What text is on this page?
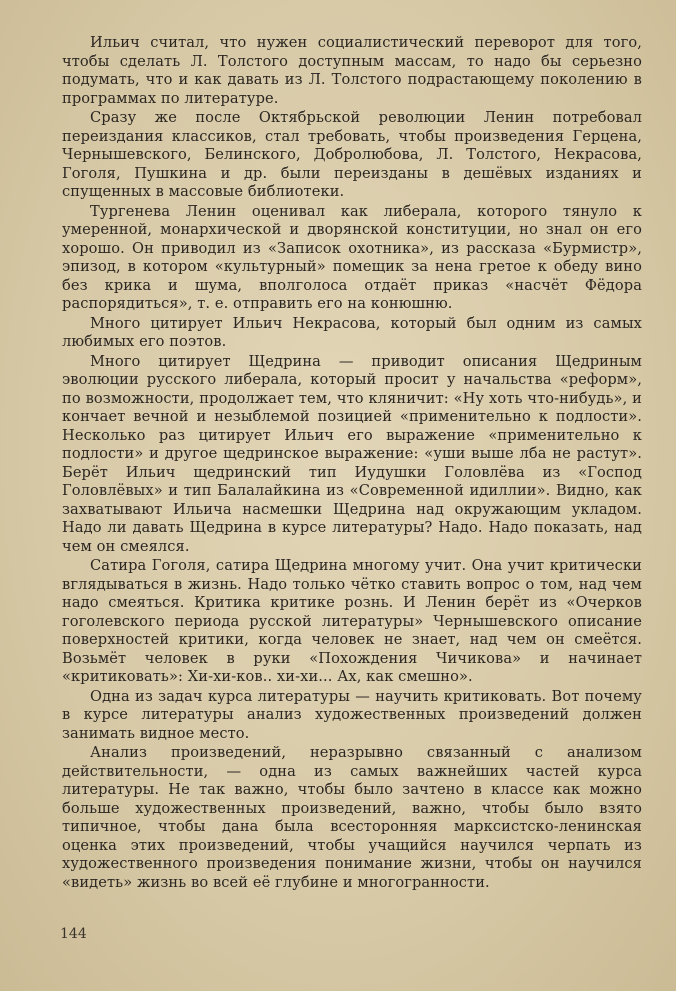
Ильич считал, что нужен социалистический переворот для того, чтобы сделать Л. Толстого доступным массам, то надо бы серьезно подумать, что и как давать из Л. Толстого подрастающему поколению в программах по литературе.

Сразу же после Октябрьской революции Ленин потребовал переиздания классиков, стал требовать, чтобы произведения Герцена, Чернышевского, Белинского, Добролюбова, Л. Толстого, Некрасова, Гоголя, Пушкина и др. были переизданы в дешёвых изданиях и спущенных в массовые библиотеки.

Тургенева Ленин оценивал как либерала, которого тянуло к умеренной, монархической и дворянской конституции, но знал он его хорошо. Он приводил из «Записок охотника», из рассказа «Бурмистр», эпизод, в котором «культурный» помещик за нена гретое к обеду вино без крика и шума, вполголоса отдаёт приказ «насчёт Фёдора распорядиться», т. е. отправить его на конюшню.

Много цитирует Ильич Некрасова, который был одним из самых любимых его поэтов.

Много цитирует Щедрина — приводит описания Щедриным эволюции русского либерала, который просит у начальства «реформ», по возможности, продолжает тем, что кляничит: «Ну хоть что-нибудь», и кончает вечной и незыблемой позицией «применительно к подлости». Несколько раз цитирует Ильич его выражение «применительно к подлости» и другое щедринское выражение: «уши выше лба не растут». Берёт Ильич щедринский тип Иудушки Головлёва из «Господ Головлёвых» и тип Балалайкина из «Современной идиллии». Видно, как захватывают Ильича насмешки Щедрина над окружающим укладом. Надо ли давать Щедрина в курсе литературы? Надо. Надо показать, над чем он смеялся.

Сатира Гоголя, сатира Щедрина многому учит. Она учит критически вглядываться в жизнь. Надо только чётко ставить вопрос о том, над чем надо смеяться. Критика критике рознь. И Ленин берёт из «Очерков гоголевского периода русской литературы» Чернышевского описание поверхностей критики, когда человек не знает, над чем он смеётся. Возьмёт человек в руки «Похождения Чичикова» и начинает «критиковать»: Хи-хи-ков.. хи-хи... Ах, как смешно».

Одна из задач курса литературы — научить критиковать. Вот почему в курсе литературы анализ художественных произведений должен занимать видное место.

Анализ произведений, неразрывно связанный с анализом действительности, — одна из самых важнейших частей курса литературы. Не так важно, чтобы было зачтено в классе как можно больше художественных произведений, важно, чтобы было взято типичное, чтобы дана была всесторонняя марксистско-ленинская оценка этих произведений, чтобы учащийся научился черпать из художественного произведения понимание жизни, чтобы он научился «видеть» жизнь во всей её глубине и многогранности.

144
